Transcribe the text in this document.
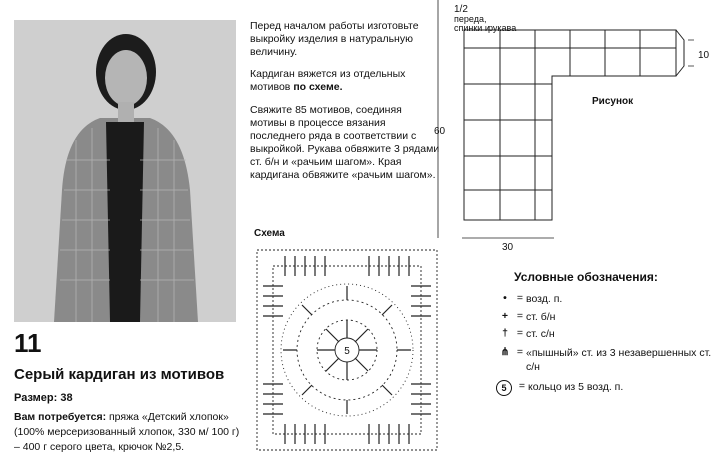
11
Серый кардиган из мотивов
Размер: 38
Вам потребуется: пряжа «Детский хлопок» (100% мерсеризованный хлопок, 330 м/ 100 г) – 400 г серого цвета, крючок №2,5.
Перед началом работы изготовьте выкройку изделия в натуральную величину.
Кардиган вяжется из отдельных мотивов по схеме.
Свяжите 85 мотивов, соединяя мотивы в процессе вязания последнего ряда в соответствии с выкройкой. Рукава обвяжите 3 рядами ст. б/н и «рачьим шагом». Края кардигана обвяжите «рачьим шагом».
Схема
5
1/2
переда,
спинки и
рукава
60
30
10
Рисунок
Условные обозначения:
• = возд. п.
+ = ст. б/н
† = ст. с/н
⋔ = «пышный» ст. из 3 незавершенных ст. с/н
5	= кольцо из 5 возд. п.
